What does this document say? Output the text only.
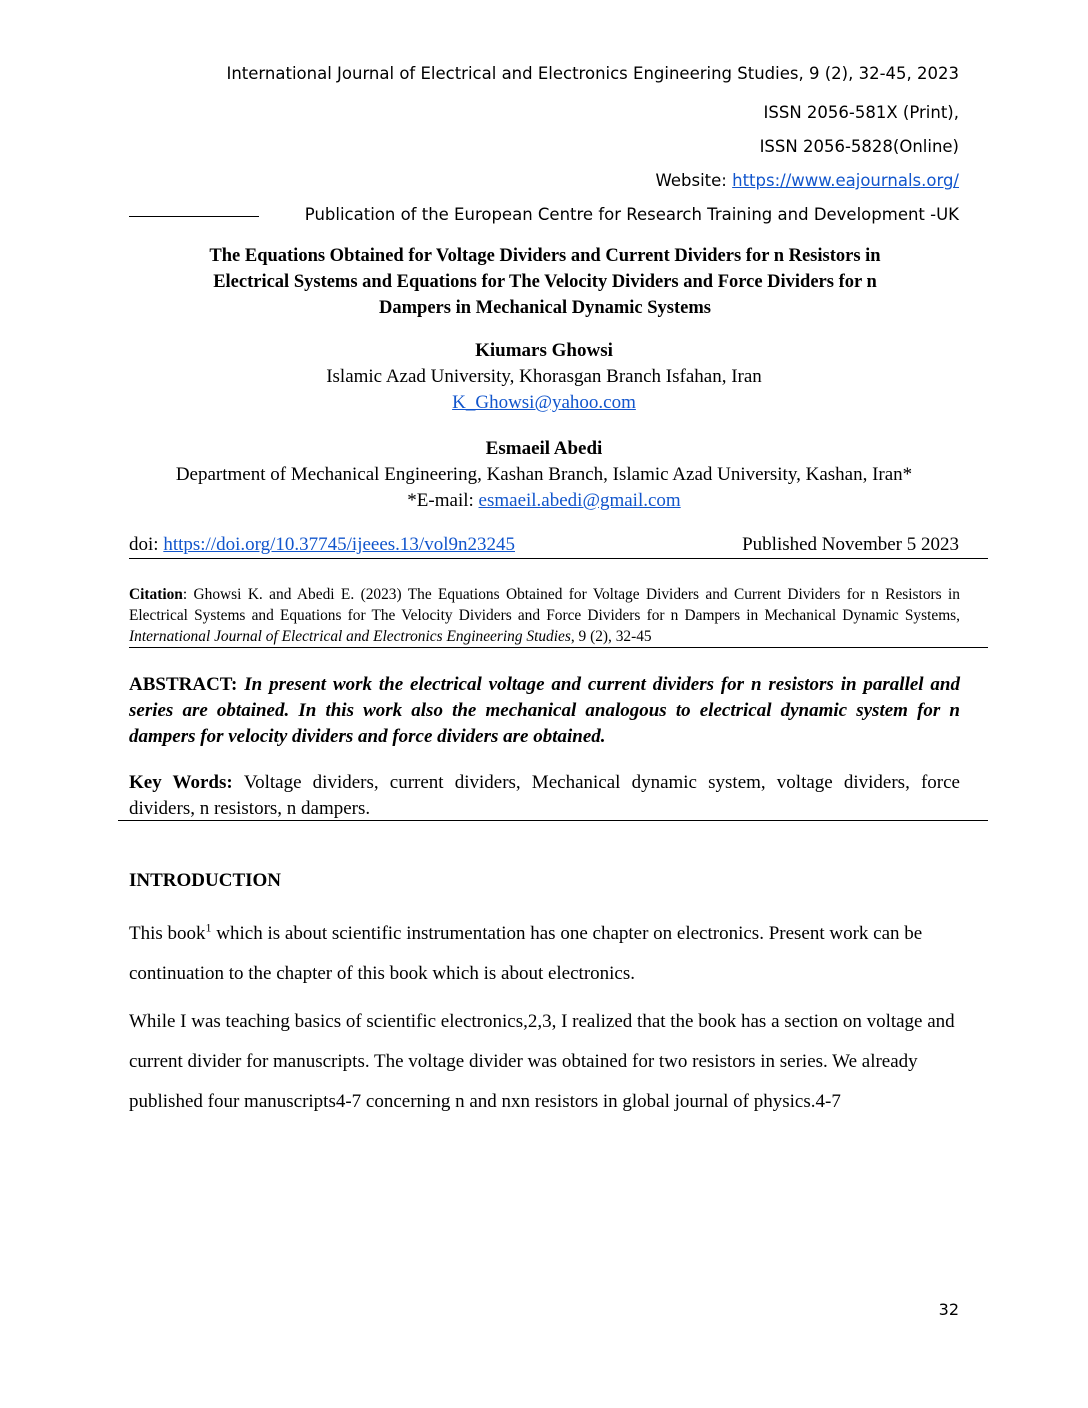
International Journal of Electrical and Electronics Engineering Studies, 9 (2), 32-45, 2023
ISSN 2056-581X (Print),
ISSN 2056-5828(Online)
Website: https://www.eajournals.org/
Publication of the European Centre for Research Training and Development -UK
The Equations Obtained for Voltage Dividers and Current Dividers for n Resistors in
Electrical Systems and Equations for The Velocity Dividers and Force Dividers for n
Dampers in Mechanical Dynamic Systems
Kiumars Ghowsi
Islamic Azad University, Khorasgan Branch Isfahan, Iran
K_Ghowsi@yahoo.com
Esmaeil Abedi
Department of Mechanical Engineering, Kashan Branch, Islamic Azad University, Kashan, Iran*
*E-mail: esmaeil.abedi@gmail.com
doi: https://doi.org/10.37745/ijeees.13/vol9n23245	Published November 5 2023
Citation: Ghowsi K. and Abedi E. (2023) The Equations Obtained for Voltage Dividers and Current Dividers for n Resistors in Electrical Systems and Equations for The Velocity Dividers and Force Dividers for n Dampers in Mechanical Dynamic Systems, International Journal of Electrical and Electronics Engineering Studies, 9 (2), 32-45
ABSTRACT: In present work the electrical voltage and current dividers for n resistors in parallel and series are obtained. In this work also the mechanical analogous to electrical dynamic system for n dampers for velocity dividers and force dividers are obtained.
Key Words: Voltage dividers, current dividers, Mechanical dynamic system, voltage dividers, force dividers, n resistors, n dampers.
INTRODUCTION
This book$^1$ which is about scientific instrumentation has one chapter on electronics. Present work can be continuation to the chapter of this book which is about electronics.
While I was teaching basics of scientific electronics,2,3, I realized that the book has a section on voltage and current divider for manuscripts. The voltage divider was obtained for two resistors in series. We already published four manuscripts4-7 concerning n and nxn resistors in global journal of physics.4-7
32
